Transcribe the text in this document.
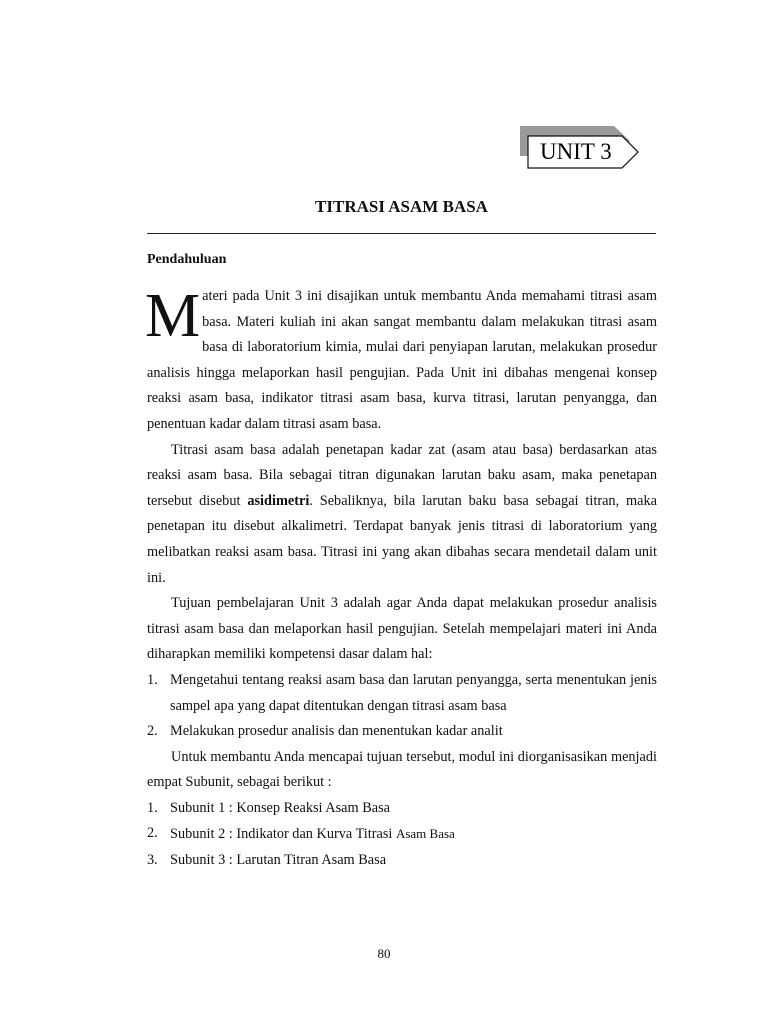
UNIT 3
TITRASI ASAM BASA
Pendahuluan

Materi pada Unit 3 ini disajikan untuk membantu Anda memahami titrasi asam basa. Materi kuliah ini akan sangat membantu dalam melakukan titrasi asam basa di laboratorium kimia, mulai dari penyiapan larutan, melakukan prosedur analisis hingga melaporkan hasil pengujian. Pada Unit ini dibahas mengenai konsep reaksi asam basa, indikator titrasi asam basa, kurva titrasi, larutan penyangga, dan penentuan kadar dalam titrasi asam basa.

Titrasi asam basa adalah penetapan kadar zat (asam atau basa) berdasarkan atas reaksi asam basa. Bila sebagai titran digunakan larutan baku asam, maka penetapan tersebut disebut asidimetri. Sebaliknya, bila larutan baku basa sebagai titran, maka penetapan itu disebut alkalimetri. Terdapat banyak jenis titrasi di laboratorium yang melibatkan reaksi asam basa. Titrasi ini yang akan dibahas secara mendetail dalam unit ini.

Tujuan pembelajaran Unit 3 adalah agar Anda dapat melakukan prosedur analisis titrasi asam basa dan melaporkan hasil pengujian. Setelah mempelajari materi ini Anda diharapkan memiliki kompetensi dasar dalam hal:

1. Mengetahui tentang reaksi asam basa dan larutan penyangga, serta menentukan jenis sampel apa yang dapat ditentukan dengan titrasi asam basa
2. Melakukan prosedur analisis dan menentukan kadar analit

Untuk membantu Anda mencapai tujuan tersebut, modul ini diorganisasikan menjadi empat Subunit, sebagai berikut :

1. Subunit 1 : Konsep Reaksi Asam Basa
2. Subunit 2 : Indikator dan Kurva Titrasi Asam Basa
3. Subunit 3 : Larutan Titran Asam Basa
80
